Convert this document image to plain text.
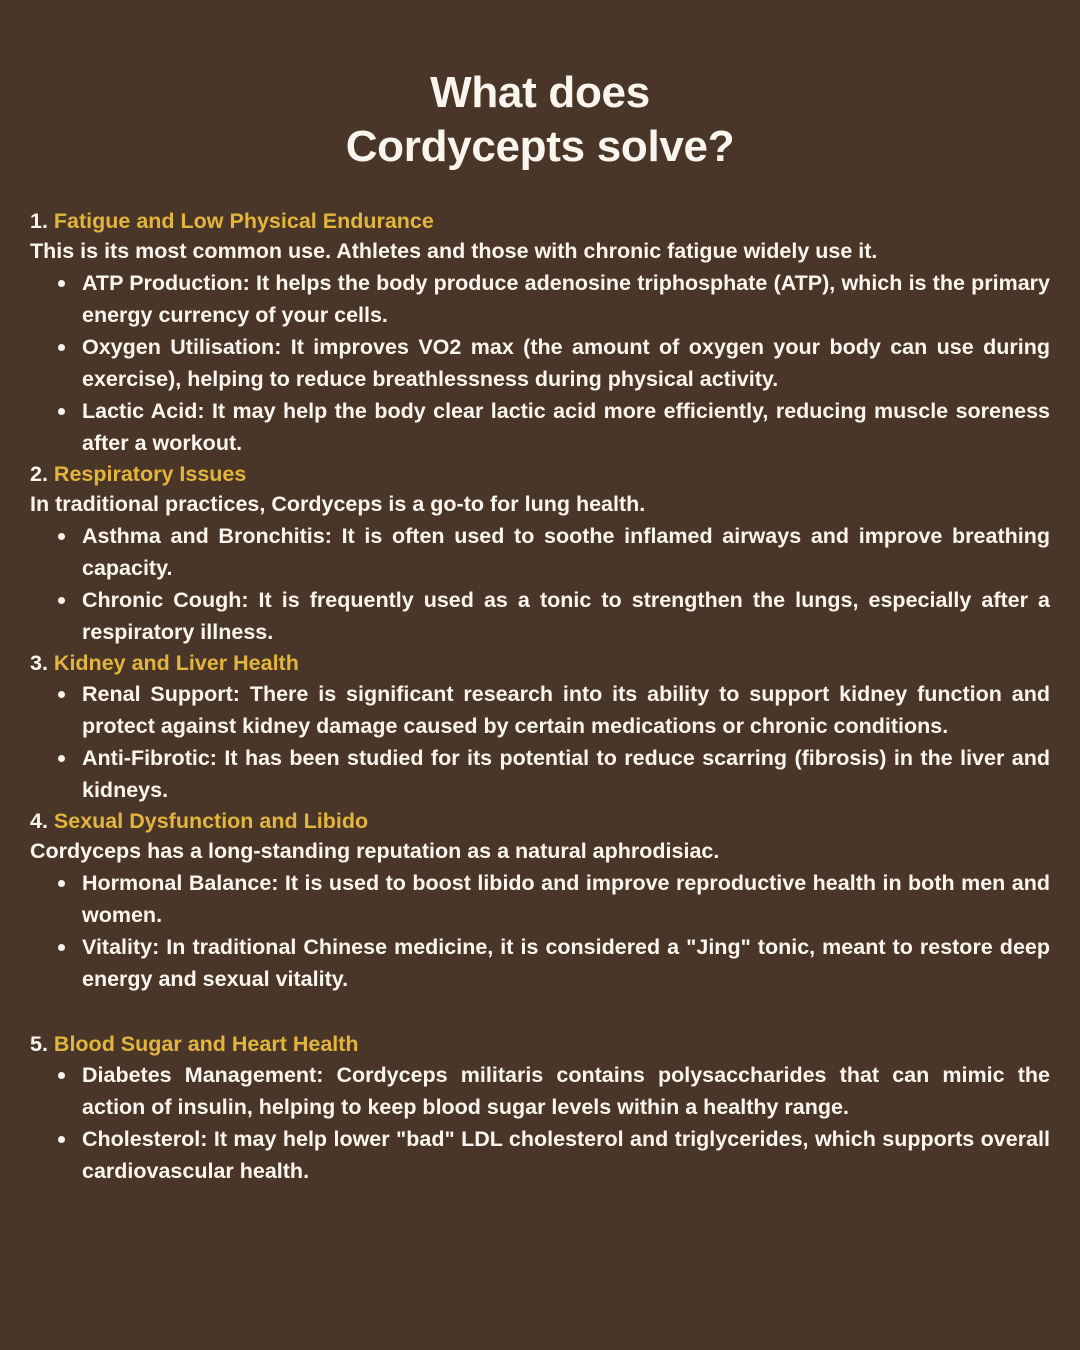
What does
Cordycepts solve?

1. Fatigue and Low Physical Endurance

This is its most common use. Athletes and those with chronic fatigue widely use it.

ATP Production: It helps the body produce adenosine triphosphate (ATP), which is the primary energy currency of your cells.
Oxygen Utilisation: It improves VO2 max (the amount of oxygen your body can use during exercise), helping to reduce breathlessness during physical activity.
Lactic Acid: It may help the body clear lactic acid more efficiently, reducing muscle soreness after a workout.

2. Respiratory Issues

In traditional practices, Cordyceps is a go-to for lung health.

Asthma and Bronchitis: It is often used to soothe inflamed airways and improve breathing capacity.
Chronic Cough: It is frequently used as a tonic to strengthen the lungs, especially after a respiratory illness.

3. Kidney and Liver Health

Renal Support: There is significant research into its ability to support kidney function and protect against kidney damage caused by certain medications or chronic conditions.
Anti-Fibrotic: It has been studied for its potential to reduce scarring (fibrosis) in the liver and kidneys.

4. Sexual Dysfunction and Libido

Cordyceps has a long-standing reputation as a natural aphrodisiac.

Hormonal Balance: It is used to boost libido and improve reproductive health in both men and women.
Vitality: In traditional Chinese medicine, it is considered a "Jing" tonic, meant to restore deep energy and sexual vitality.

5. Blood Sugar and Heart Health

Diabetes Management: Cordyceps militaris contains polysaccharides that can mimic the action of insulin, helping to keep blood sugar levels within a healthy range.
Cholesterol: It may help lower "bad" LDL cholesterol and triglycerides, which supports overall cardiovascular health.
